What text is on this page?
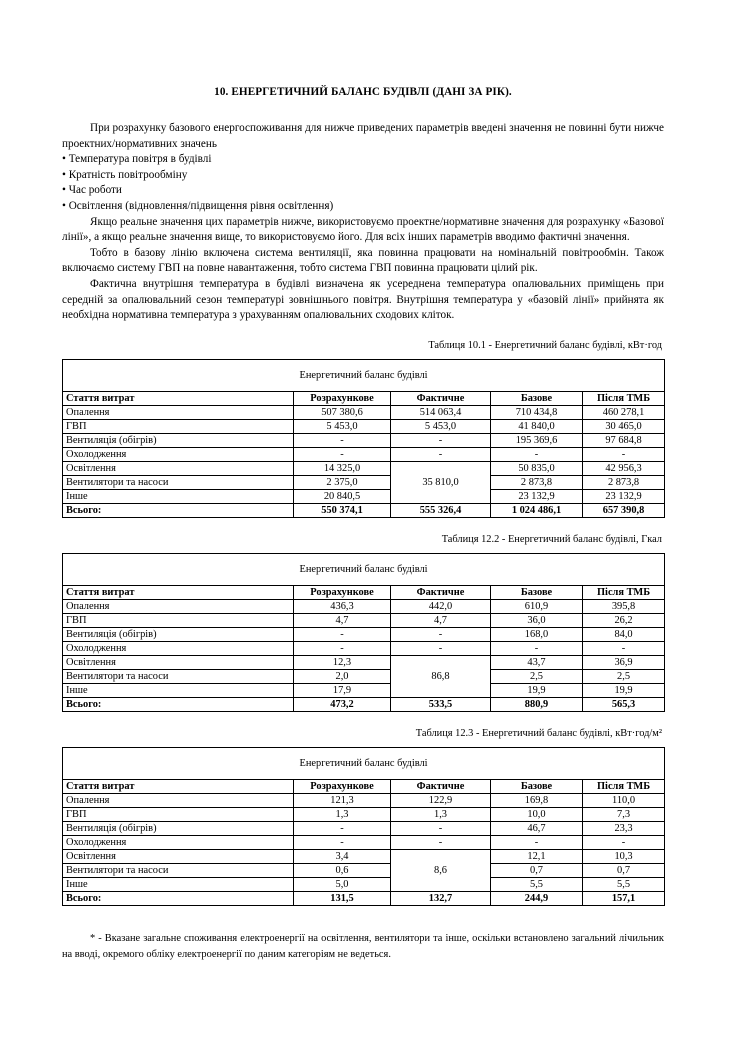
10. ЕНЕРГЕТИЧНИЙ БАЛАНС БУДІВЛІ (ДАНІ ЗА РІК).

При розрахунку базового енергоспоживання для нижче приведених параметрів введені значення не повинні бути нижче проектних/нормативних значень

• Температура повітря в будівлі

• Кратність повітрообміну

• Час роботи

• Освітлення (відновлення/підвищення рівня освітлення)

Якщо реальне значення цих параметрів нижче, використовуємо проектне/нормативне значення для розрахунку «Базової лінії», а якщо реальне значення вище, то використовуємо його. Для всіх інших параметрів вводимо фактичні значення.

Тобто в базову лінію включена система вентиляції, яка повинна працювати на номінальній повітрообмін. Також включаємо систему ГВП на повне навантаження, тобто система ГВП повинна працювати цілий рік.

Фактична внутрішня температура в будівлі визначена як усереднена температура опалювальних приміщень при середній за опалювальний сезон температурі зовнішнього повітря. Внутрішня температура у «базовій лінії» прийнята як необхідна нормативна температура з урахуванням опалювальних сходових кліток.

Таблиця 10.1 - Енергетичний баланс будівлі, кВт·год

Енергетичний баланс будівлі				
Стаття витрат	Розрахункове	Фактичне	Базове	Після ТМБ
Опалення	507 380,6	514 063,4	710 434,8	460 278,1
ГВП	5 453,0	5 453,0	41 840,0	30 465,0
Вентиляція (обігрів)	-	-	195 369,6	97 684,8
Охолодження	-	-	-	-
Освітлення	14 325,0	35 810,0	50 835,0	42 956,3
Вентилятори та насоси	2 375,0		2 873,8	2 873,8
Інше	20 840,5		23 132,9	23 132,9
Всього:	550 374,1	555 326,4	1 024 486,1	657 390,8

Таблиця 12.2 - Енергетичний баланс будівлі, Гкал

Енергетичний баланс будівлі				
Стаття витрат	Розрахункове	Фактичне	Базове	Після ТМБ
Опалення	436,3	442,0	610,9	395,8
ГВП	4,7	4,7	36,0	26,2
Вентиляція (обігрів)	-	-	168,0	84,0
Охолодження	-	-	-	-
Освітлення	12,3	86,8	43,7	36,9
Вентилятори та насоси	2,0		2,5	2,5
Інше	17,9		19,9	19,9
Всього:	473,2	533,5	880,9	565,3

Таблиця 12.3 - Енергетичний баланс будівлі, кВт·год/м²

Енергетичний баланс будівлі				
Стаття витрат	Розрахункове	Фактичне	Базове	Після ТМБ
Опалення	121,3	122,9	169,8	110,0
ГВП	1,3	1,3	10,0	7,3
Вентиляція (обігрів)	-	-	46,7	23,3
Охолодження	-	-	-	-
Освітлення	3,4	8,6	12,1	10,3
Вентилятори та насоси	0,6		0,7	0,7
Інше	5,0		5,5	5,5
Всього:	131,5	132,7	244,9	157,1

* - Вказане загальне споживання електроенергії на освітлення, вентилятори та інше, оскільки встановлено загальний лічильник на вводі, окремого обліку електроенергії по даним категоріям не ведеться.
